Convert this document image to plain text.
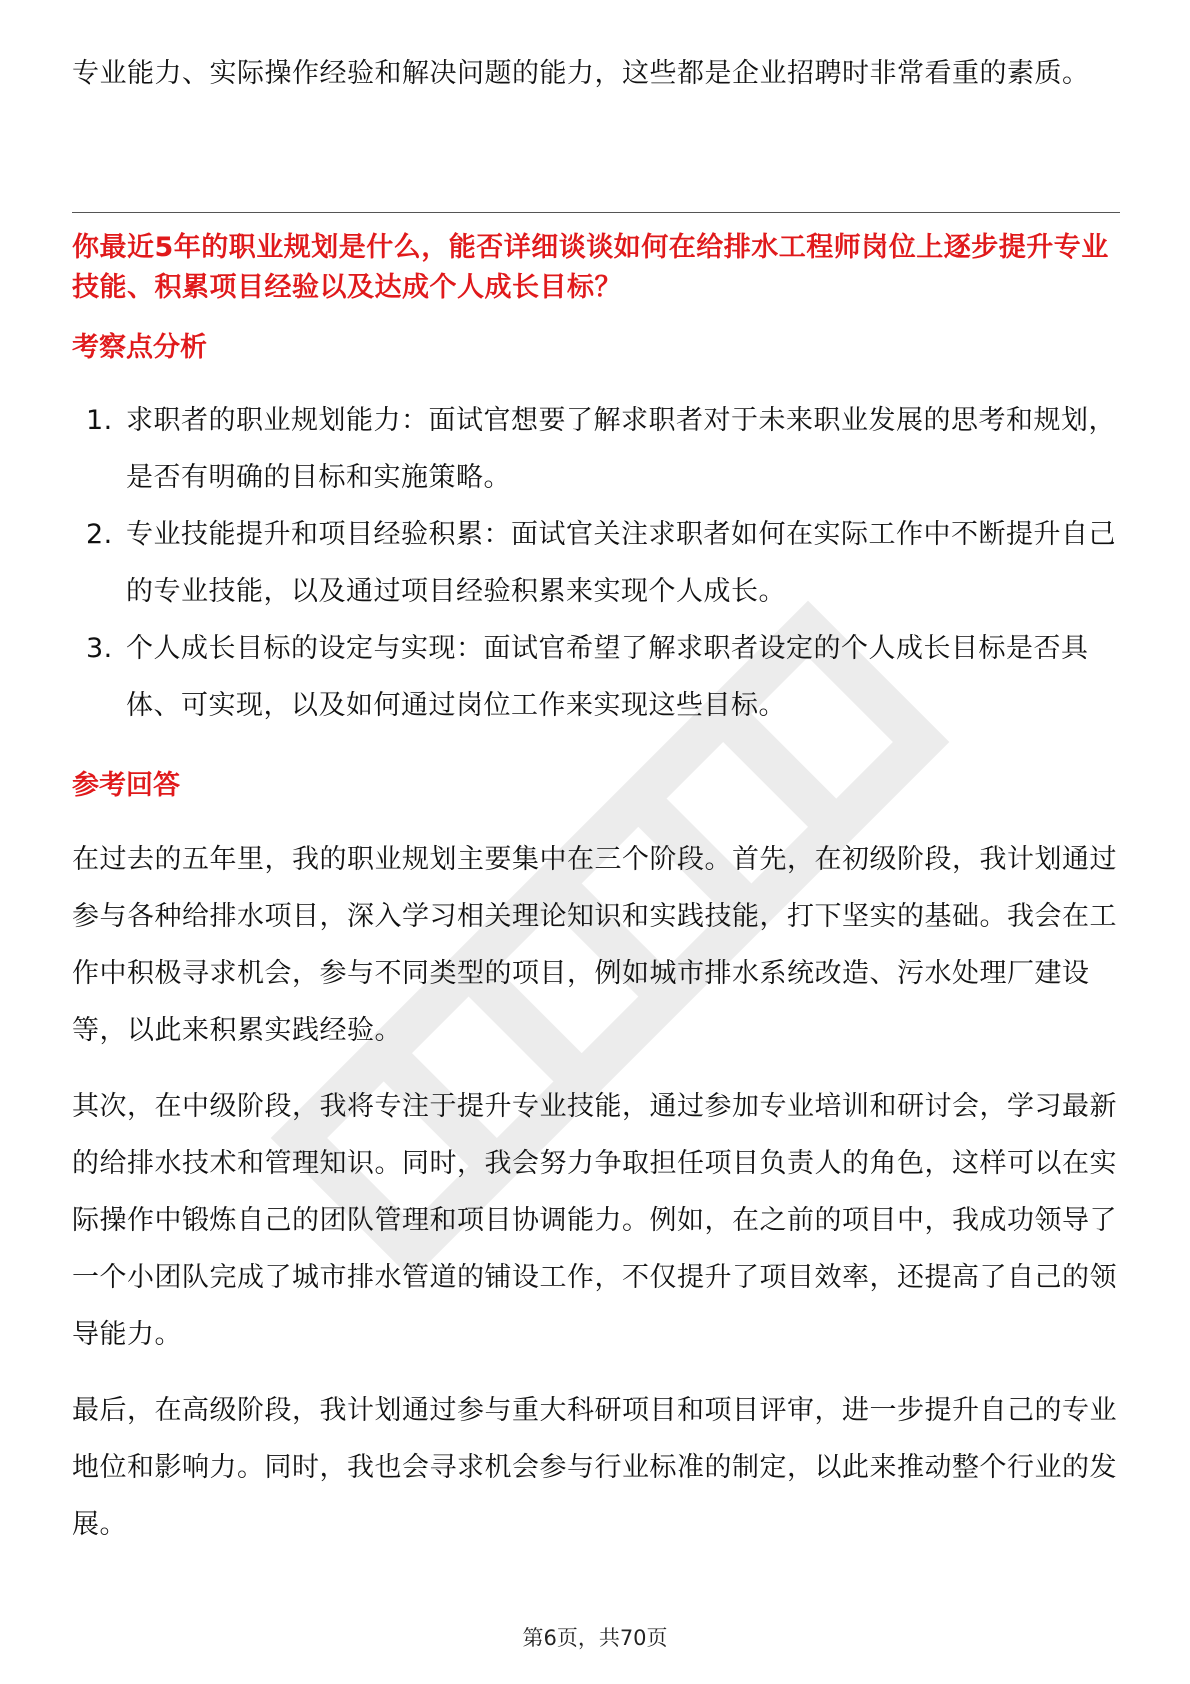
专业能力、实际操作经验和解决问题的能力，这些都是企业招聘时非常看重的素质。

你最近5年的职业规划是什么，能否详细谈谈如何在给排水工程师岗位上逐步提升专业技能、积累项目经验以及达成个人成长目标？

考察点分析
1. 求职者的职业规划能力：面试官想要了解求职者对于未来职业发展的思考和规划，是否有明确的目标和实施策略。
2. 专业技能提升和项目经验积累：面试官关注求职者如何在实际工作中不断提升自己的专业技能，以及通过项目经验积累来实现个人成长。
3. 个人成长目标的设定与实现：面试官希望了解求职者设定的个人成长目标是否具体、可实现，以及如何通过岗位工作来实现这些目标。
参考回答

在过去的五年里，我的职业规划主要集中在三个阶段。首先，在初级阶段，我计划通过参与各种给排水项目，深入学习相关理论知识和实践技能，打下坚实的基础。我会在工作中积极寻求机会，参与不同类型的项目，例如城市排水系统改造、污水处理厂建设等，以此来积累实践经验。

其次，在中级阶段，我将专注于提升专业技能，通过参加专业培训和研讨会，学习最新的给排水技术和管理知识。同时，我会努力争取担任项目负责人的角色，这样可以在实际操作中锻炼自己的团队管理和项目协调能力。例如，在之前的项目中，我成功领导了一个小团队完成了城市排水管道的铺设工作，不仅提升了项目效率，还提高了自己的领导能力。

最后，在高级阶段，我计划通过参与重大科研项目和项目评审，进一步提升自己的专业地位和影响力。同时，我也会寻求机会参与行业标准的制定，以此来推动整个行业的发展。

第6页，共70页
